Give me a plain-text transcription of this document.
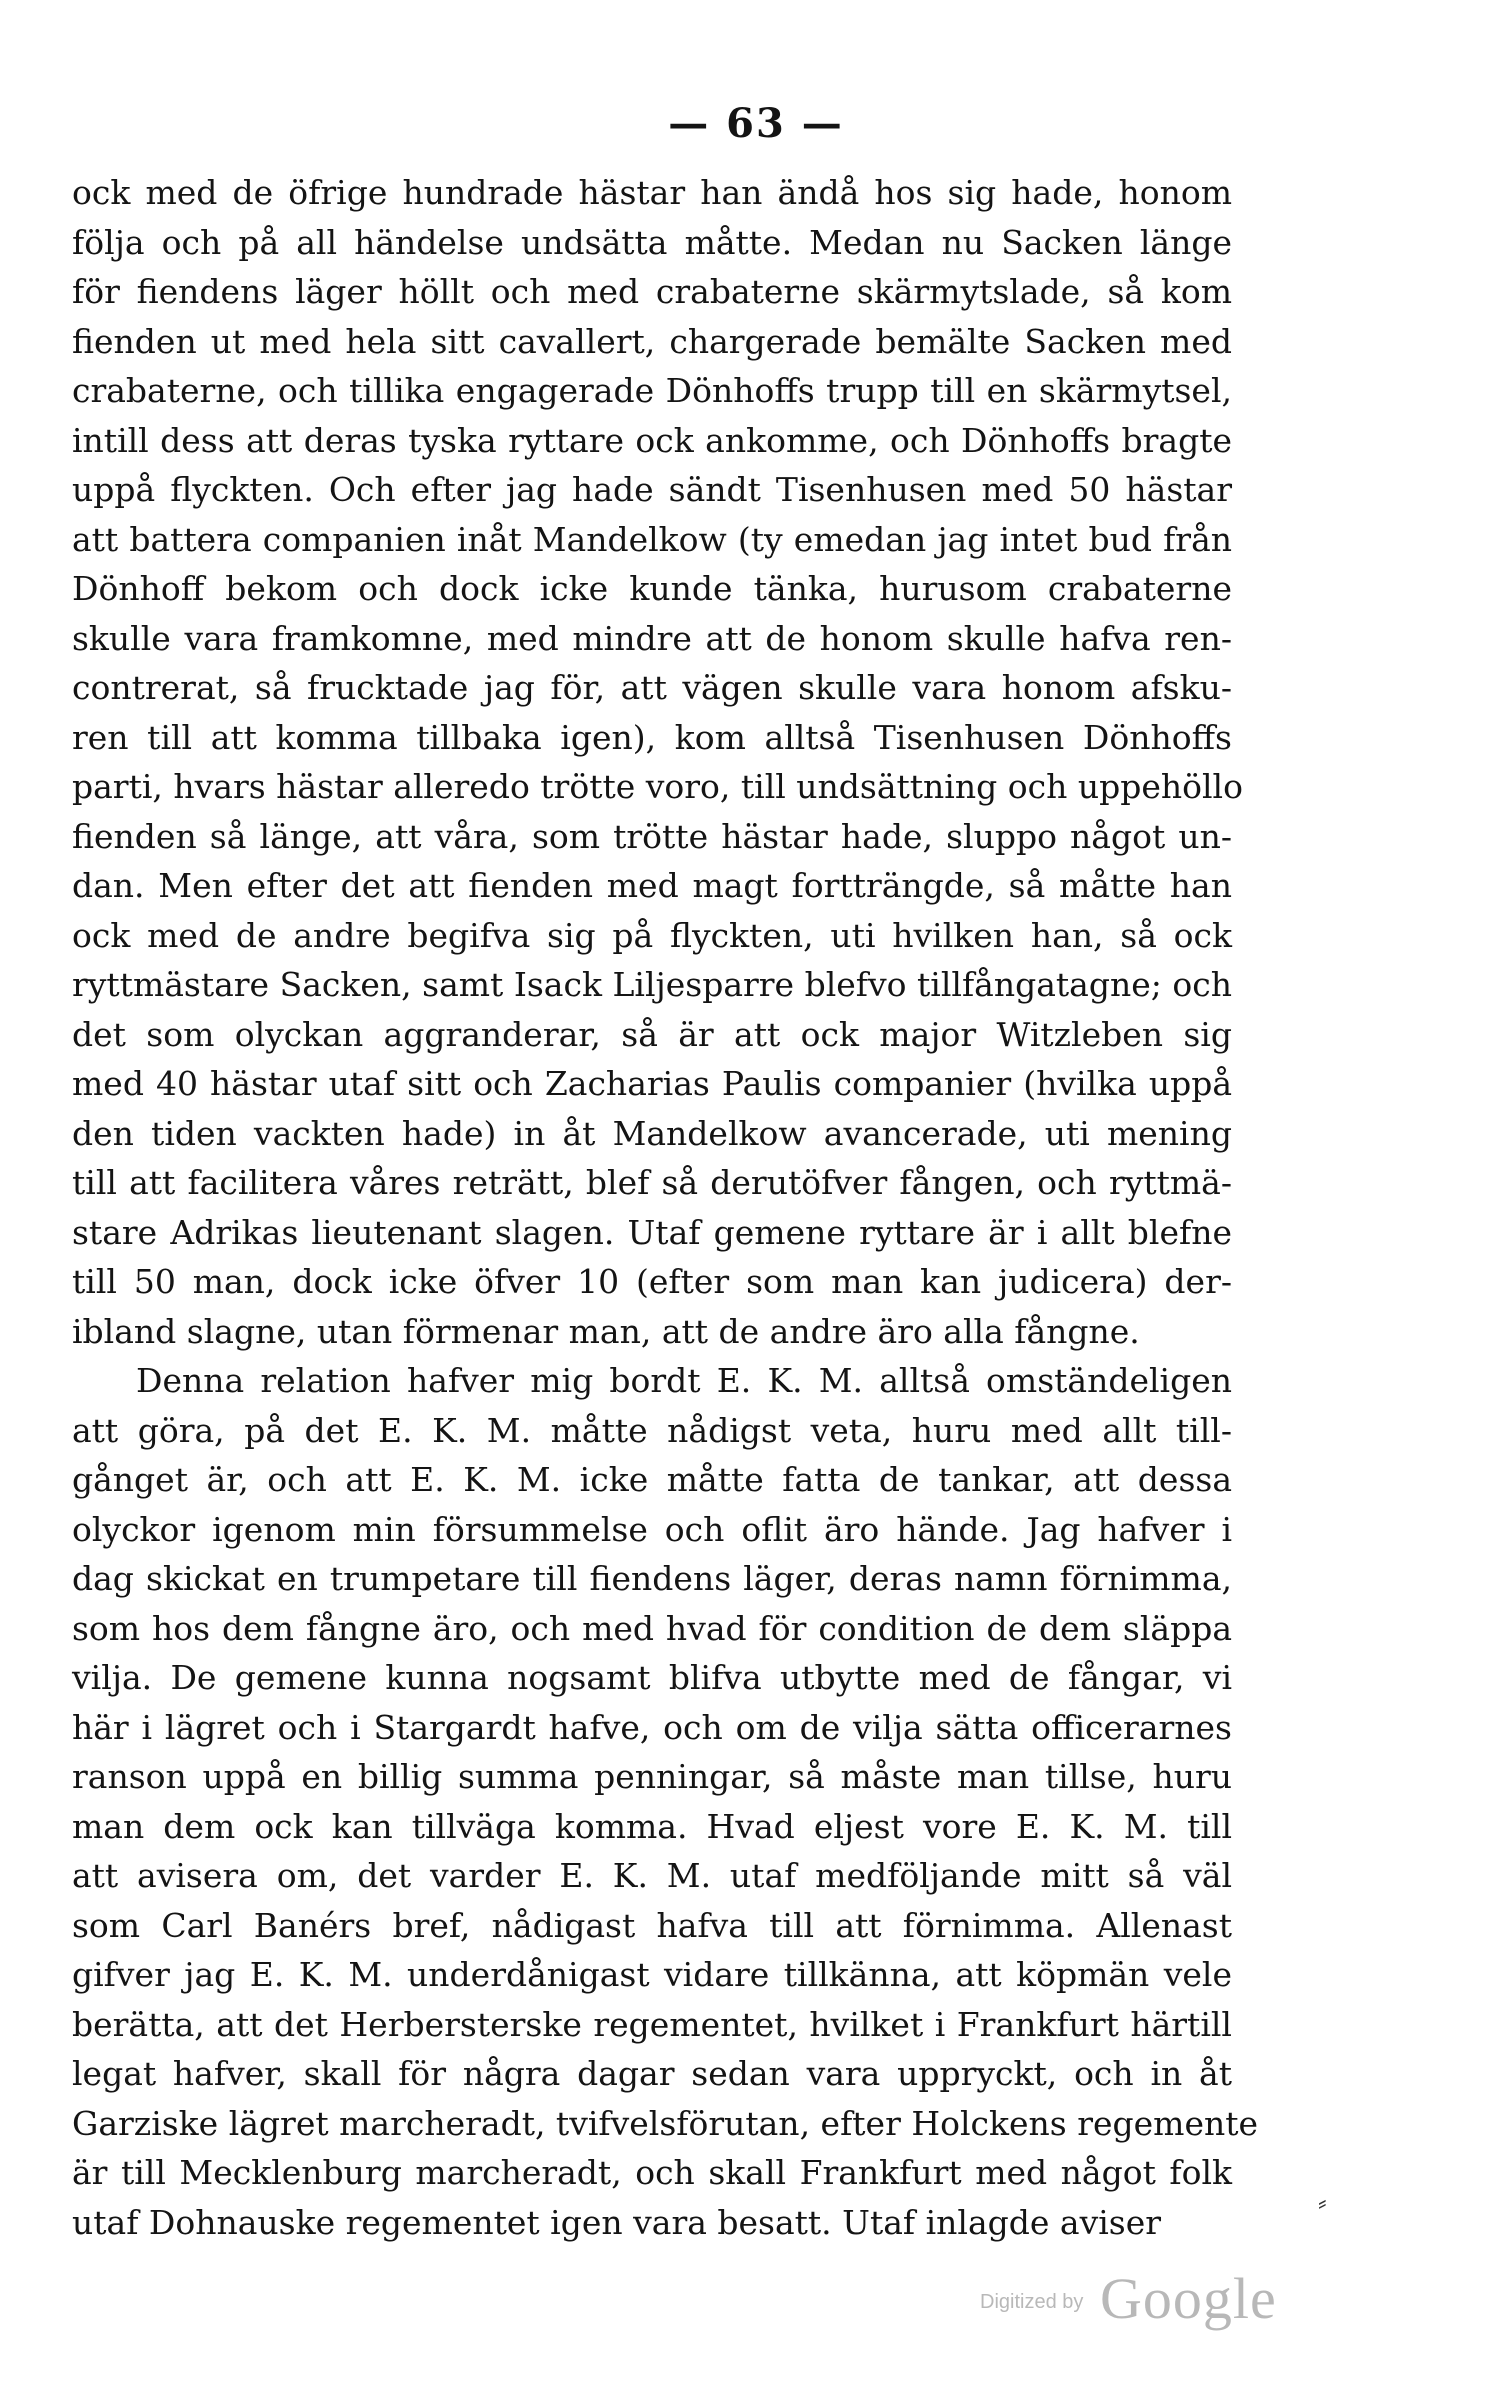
— 63 —
ock med de öfrige hundrade hästar han ändå hos sig hade, honom
följa och på all händelse undsätta måtte. Medan nu Sacken länge
för fiendens läger höllt och med crabaterne skärmytslade, så kom
fienden ut med hela sitt cavallert, chargerade bemälte Sacken med
crabaterne, och tillika engagerade Dönhoffs trupp till en skärmytsel,
intill dess att deras tyska ryttare ock ankomme, och Dönhoffs bragte
uppå flyckten. Och efter jag hade sändt Tisenhusen med 50 hästar
att battera companien inåt Mandelkow (ty emedan jag intet bud från
Dönhoff bekom och dock icke kunde tänka, hurusom crabaterne
skulle vara framkomne, med mindre att de honom skulle hafva ren-
contrerat, så frucktade jag för, att vägen skulle vara honom afsku-
ren till att komma tillbaka igen), kom alltså Tisenhusen Dönhoffs
parti, hvars hästar alleredo trötte voro, till undsättning och uppehöllo
fienden så länge, att våra, som trötte hästar hade, sluppo något un-
dan. Men efter det att fienden med magt fortträngde, så måtte han
ock med de andre begifva sig på flyckten, uti hvilken han, så ock
ryttmästare Sacken, samt Isack Liljesparre blefvo tillfångatagne; och
det som olyckan aggranderar, så är att ock major Witzleben sig
med 40 hästar utaf sitt och Zacharias Paulis companier (hvilka uppå
den tiden vackten hade) in åt Mandelkow avancerade, uti mening
till att facilitera våres reträtt, blef så derutöfver fången, och ryttmä-
stare Adrikas lieutenant slagen. Utaf gemene ryttare är i allt blefne
till 50 man, dock icke öfver 10 (efter som man kan judicera) der-
ibland slagne, utan förmenar man, att de andre äro alla fångne.
Denna relation hafver mig bordt E. K. M. alltså omständeligen
att göra, på det E. K. M. måtte nådigst veta, huru med allt till-
gånget är, och att E. K. M. icke måtte fatta de tankar, att dessa
olyckor igenom min försummelse och oflit äro hände. Jag hafver i
dag skickat en trumpetare till fiendens läger, deras namn förnimma,
som hos dem fångne äro, och med hvad för condition de dem släppa
vilja. De gemene kunna nogsamt blifva utbytte med de fångar, vi
här i lägret och i Stargardt hafve, och om de vilja sätta officerarnes
ranson uppå en billig summa penningar, så måste man tillse, huru
man dem ock kan tillväga komma. Hvad eljest vore E. K. M. till
att avisera om, det varder E. K. M. utaf medföljande mitt så väl
som Carl Banérs bref, nådigast hafva till att förnimma. Allenast
gifver jag E. K. M. underdånigast vidare tillkänna, att köpmän vele
berätta, att det Herbersterske regementet, hvilket i Frankfurt härtill
legat hafver, skall för några dagar sedan vara uppryckt, och in åt
Garziske lägret marcheradt, tvifvelsförutan, efter Holckens regemente
är till Mecklenburg marcheradt, och skall Frankfurt med något folk
utaf Dohnauske regementet igen vara besatt. Utaf inlagde aviser
Digitized by Google
⸗
